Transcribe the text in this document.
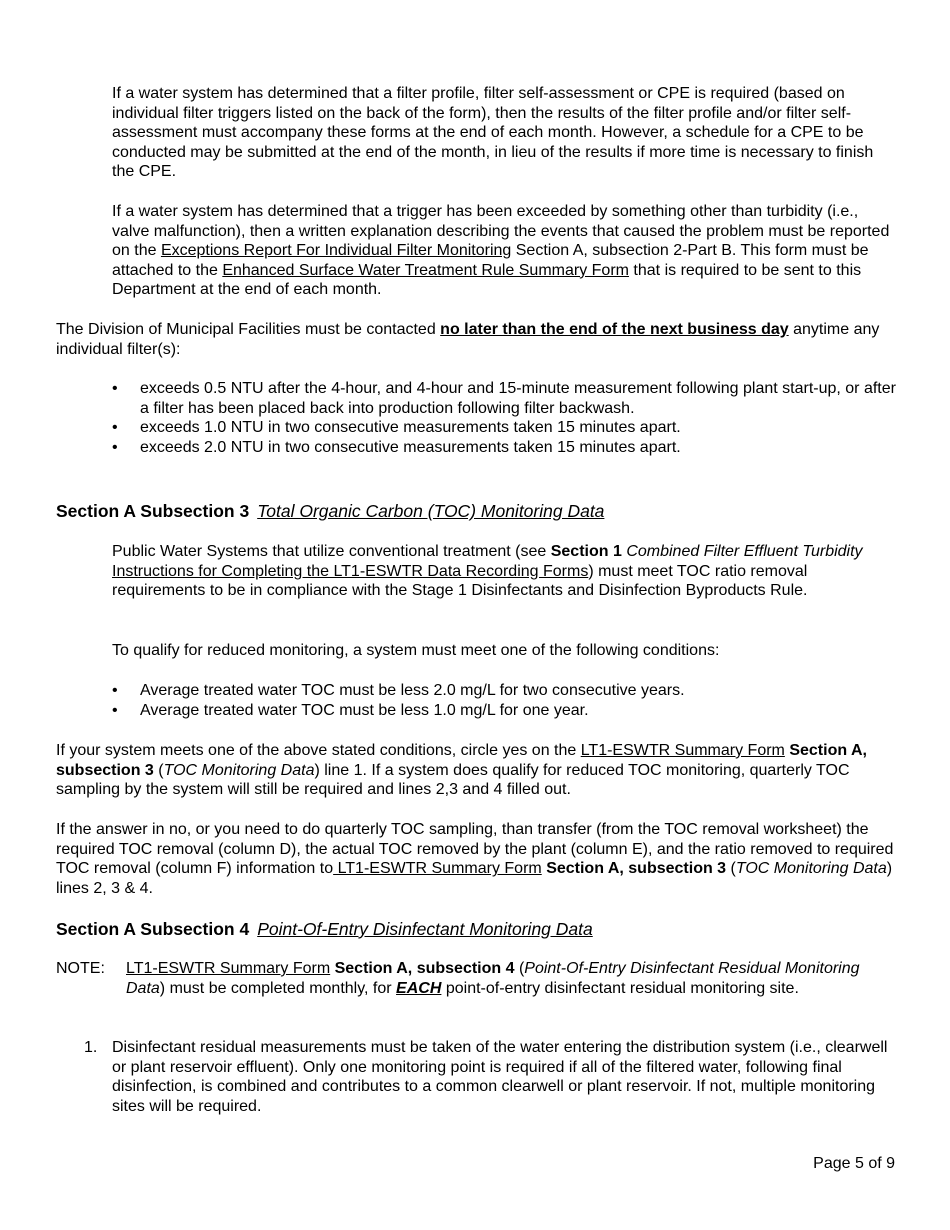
If a water system has determined that a filter profile, filter self-assessment or CPE is required (based on individual filter triggers listed on the back of the form), then the results of the filter profile and/or filter self-assessment must accompany these forms at the end of each month. However, a schedule for a CPE to be conducted may be submitted at the end of the month, in lieu of the results if more time is necessary to finish the CPE.

If a water system has determined that a trigger has been exceeded by something other than turbidity (i.e., valve malfunction), then a written explanation describing the events that caused the problem must be reported on the Exceptions Report For Individual Filter Monitoring Section A, subsection 2-Part B. This form must be attached to the Enhanced Surface Water Treatment Rule Summary Form that is required to be sent to this Department at the end of each month.

The Division of Municipal Facilities must be contacted no later than the end of the next business day anytime any individual filter(s):

• exceeds 0.5 NTU after the 4-hour, and 4-hour and 15-minute measurement following plant start-up, or after a filter has been placed back into production following filter backwash.
• exceeds 1.0 NTU in two consecutive measurements taken 15 minutes apart.
• exceeds 2.0 NTU in two consecutive measurements taken 15 minutes apart.
Section A Subsection 3 Total Organic Carbon (TOC) Monitoring Data

Public Water Systems that utilize conventional treatment (see Section 1 Combined Filter Effluent Turbidity Instructions for Completing the LT1-ESWTR Data Recording Forms) must meet TOC ratio removal requirements to be in compliance with the Stage 1 Disinfectants and Disinfection Byproducts Rule.

To qualify for reduced monitoring, a system must meet one of the following conditions:

• Average treated water TOC must be less 2.0 mg/L for two consecutive years.
• Average treated water TOC must be less 1.0 mg/L for one year.

If your system meets one of the above stated conditions, circle yes on the LT1-ESWTR Summary Form Section A, subsection 3 (TOC Monitoring Data) line 1. If a system does qualify for reduced TOC monitoring, quarterly TOC sampling by the system will still be required and lines 2,3 and 4 filled out.

If the answer in no, or you need to do quarterly TOC sampling, than transfer (from the TOC removal worksheet) the required TOC removal (column D), the actual TOC removed by the plant (column E), and the ratio removed to required TOC removal (column F) information to LT1-ESWTR Summary Form Section A, subsection 3 (TOC Monitoring Data) lines 2, 3 & 4.

Section A Subsection 4 Point-Of-Entry Disinfectant Monitoring Data
NOTE:	LT1-ESWTR Summary Form Section A, subsection 4 (Point-Of-Entry Disinfectant Residual Monitoring Data) must be completed monthly, for EACH point-of-entry disinfectant residual monitoring site.
1. Disinfectant residual measurements must be taken of the water entering the distribution system (i.e., clearwell or plant reservoir effluent). Only one monitoring point is required if all of the filtered water, following final disinfection, is combined and contributes to a common clearwell or plant reservoir. If not, multiple monitoring sites will be required.
Page 5 of 9
